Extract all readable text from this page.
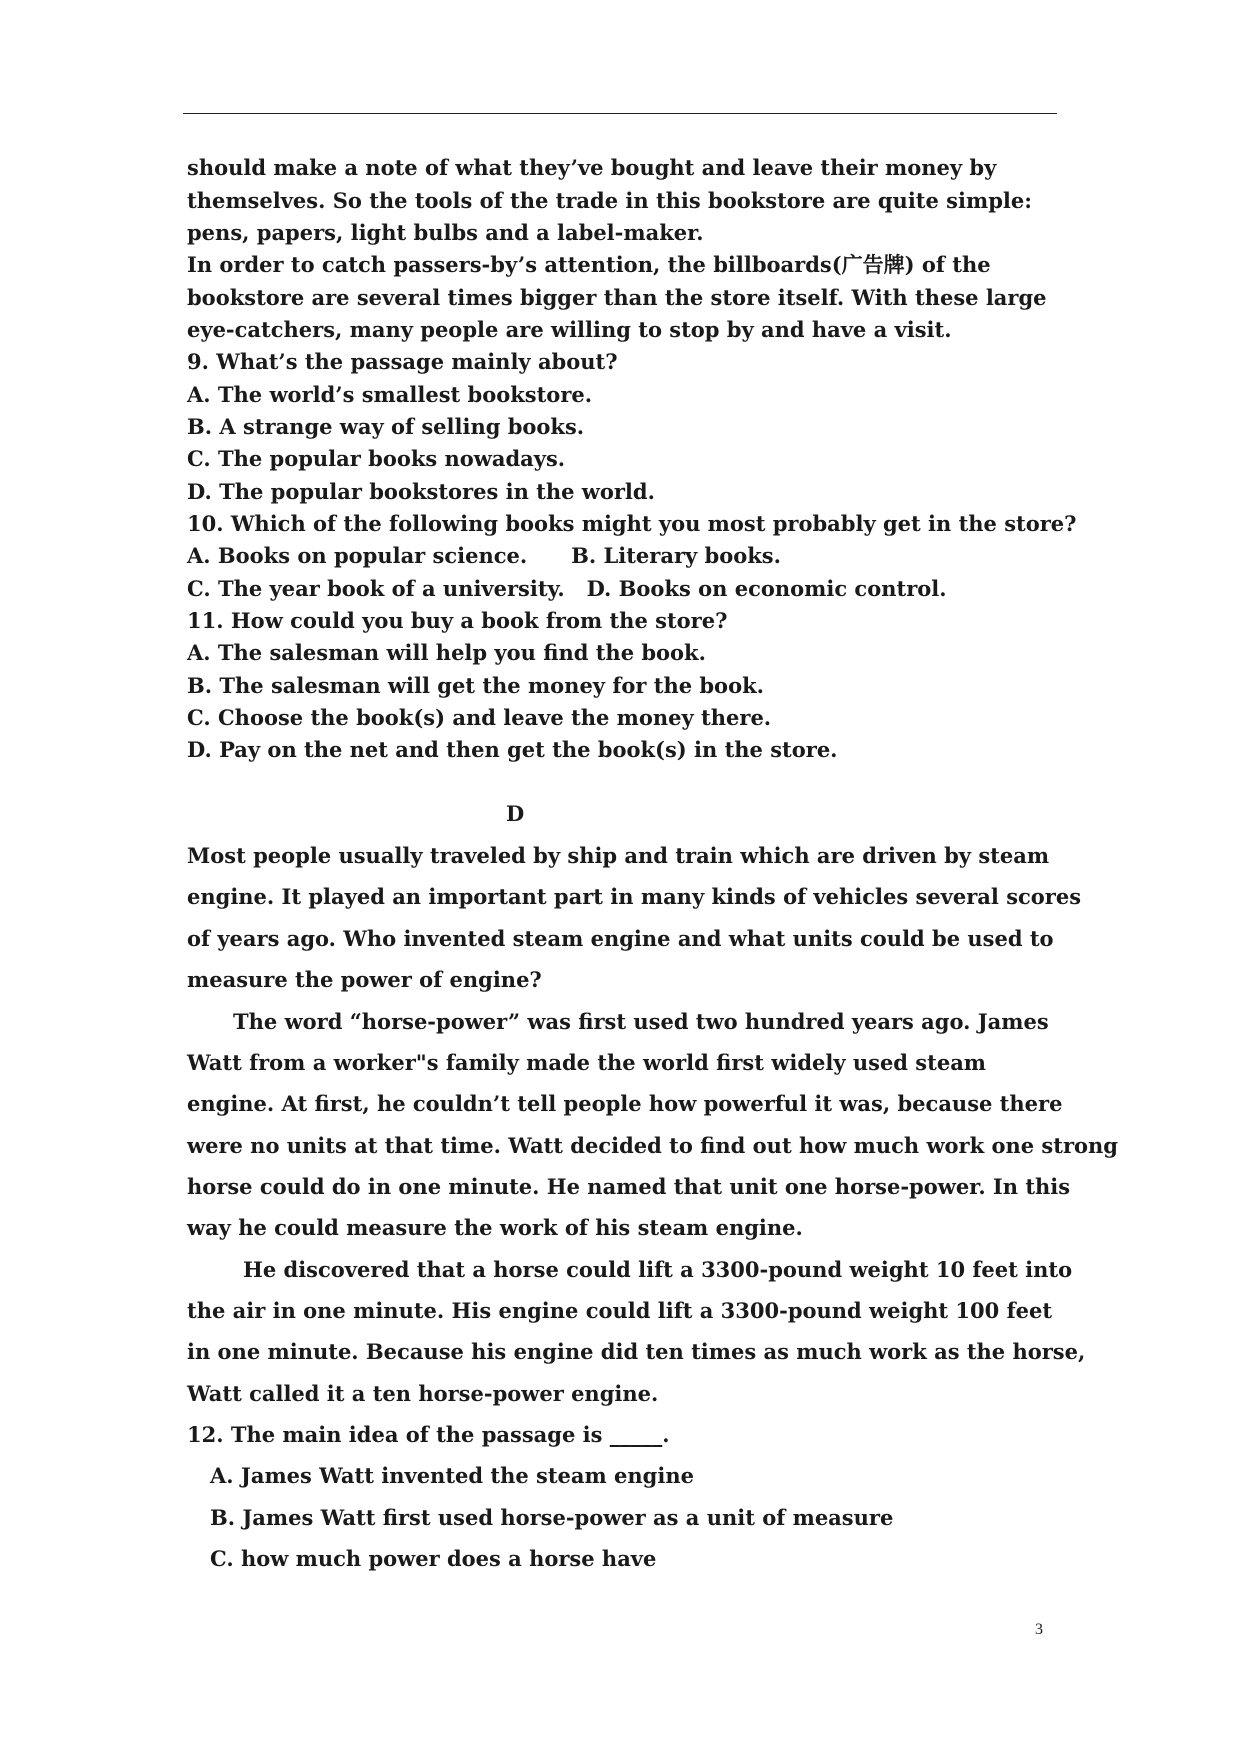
should make a note of what they’ve bought and leave their money by
themselves. So the tools of the trade in this bookstore are quite simple:
pens, papers, light bulbs and a label-maker.
In order to catch passers-by’s attention, the billboards(广告牌) of the
bookstore are several times bigger than the store itself. With these large
eye-catchers, many people are willing to stop by and have a visit.
9. What’s the passage mainly about?
A. The world’s smallest bookstore.
B. A strange way of selling books.
C. The popular books nowadays.
D. The popular bookstores in the world.
10. Which of the following books might you most probably get in the store?
A. Books on popular science.      B. Literary books.
C. The year book of a university.   D. Books on economic control.
11. How could you buy a book from the store?
A. The salesman will help you find the book.
B. The salesman will get the money for the book.
C. Choose the book(s) and leave the money there.
D. Pay on the net and then get the book(s) in the store.
D
Most people usually traveled by ship and train which are driven by steam
engine. It played an important part in many kinds of vehicles several scores
of years ago. Who invented steam engine and what units could be used to
measure the power of engine?
The word “horse-power” was first used two hundred years ago. James
Watt from a worker"s family made the world first widely used steam
engine. At first, he couldn’t tell people how powerful it was, because there
were no units at that time. Watt decided to find out how much work one strong
horse could do in one minute. He named that unit one horse-power. In this
way he could measure the work of his steam engine.
He discovered that a horse could lift a 3300-pound weight 10 feet into
the air in one minute. His engine could lift a 3300-pound weight 100 feet
in one minute. Because his engine did ten times as much work as the horse,
Watt called it a ten horse-power engine.
12. The main idea of the passage is _____.
A. James Watt invented the steam engine
B. James Watt first used horse-power as a unit of measure
C. how much power does a horse have
3
